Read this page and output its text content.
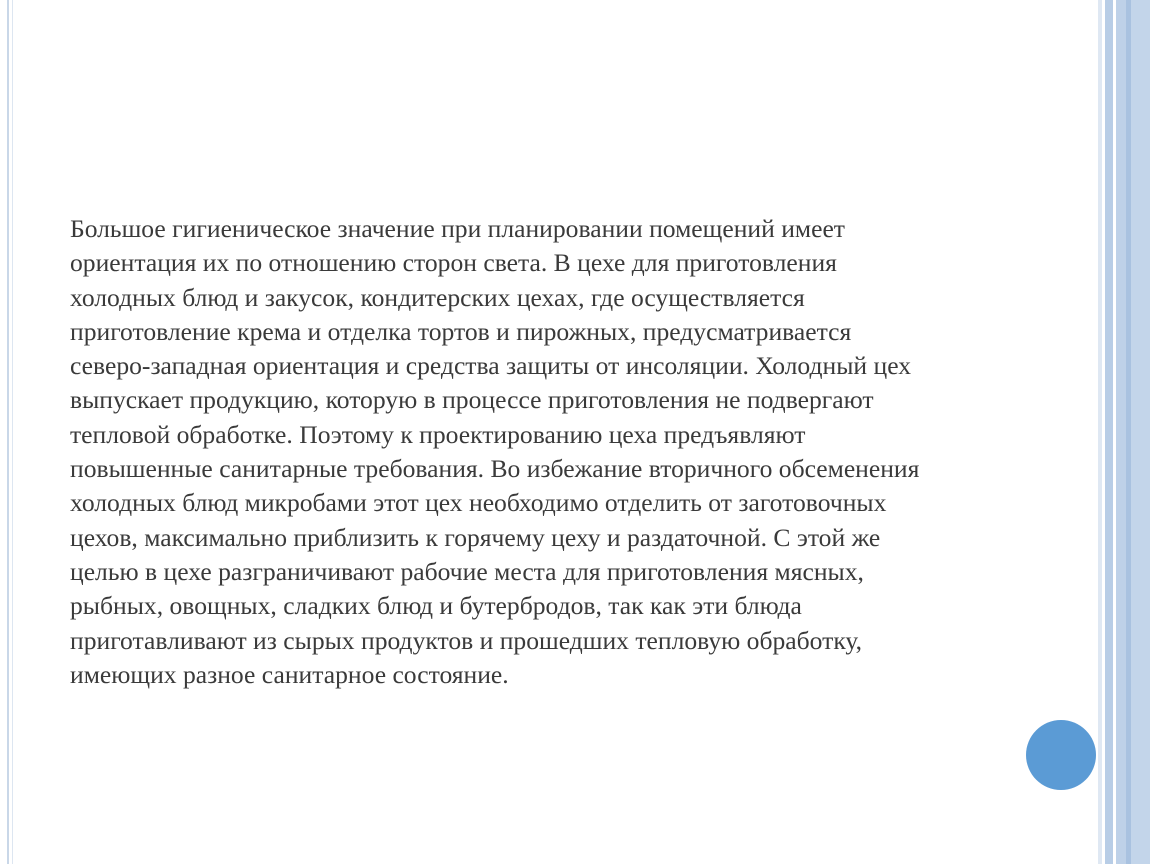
Большое гигиеническое значение при планировании помещений имеет
ориентация их по отношению сторон света. В цехе для приготовления
холодных блюд и закусок, кондитерских цехах, где осуществляется
приготовление крема и отделка тортов и пирожных, предусматривается
северо-западная ориентация и средства защиты от инсоляции. Холодный цех
выпускает продукцию, которую в процессе приготовления не подвергают
тепловой обработке. Поэтому к проектированию цеха предъявляют
повышенные санитарные требования. Во избежание вторичного обсеменения
холодных блюд микробами этот цех необходимо отделить от заготовочных
цехов, максимально приблизить к горячему цеху и раздаточной. С этой же
целью в цехе разграничивают рабочие места для приготовления мясных,
рыбных, овощных, сладких блюд и бутербродов, так как эти блюда
приготавливают из сырых продуктов и прошедших тепловую обработку,
имеющих разное санитарное состояние.
